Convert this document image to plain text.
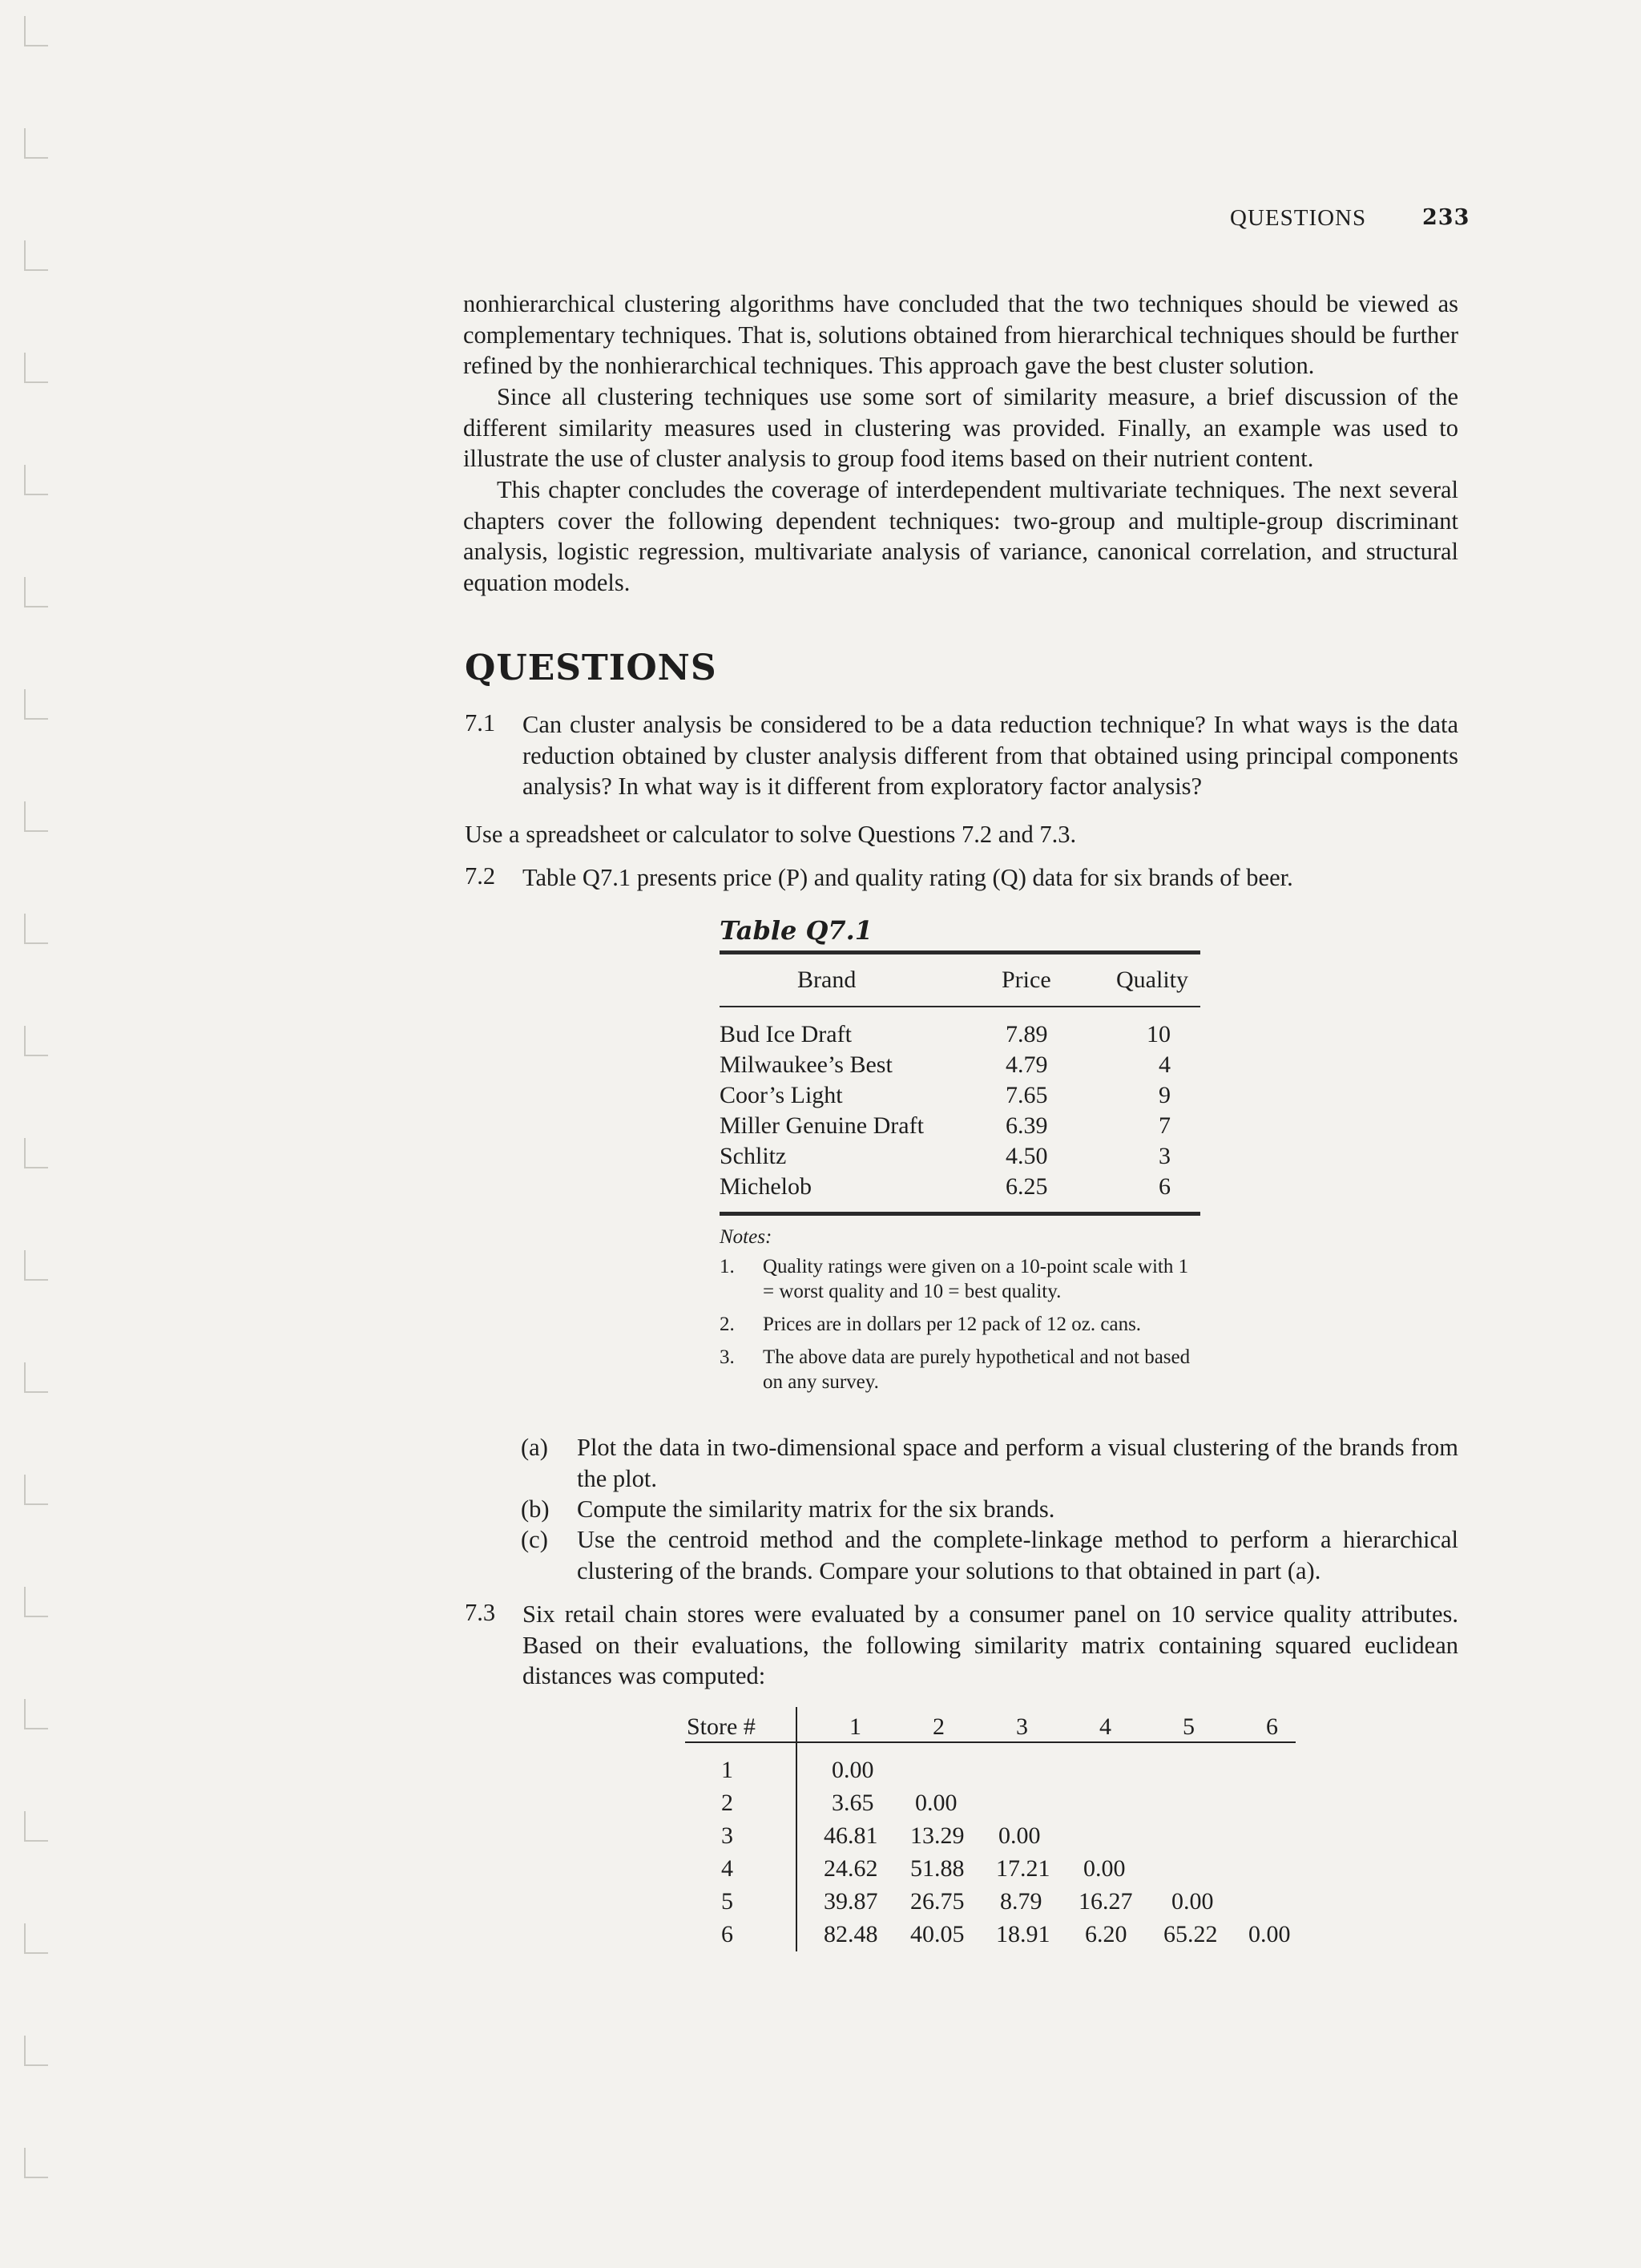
QUESTIONS	233

nonhierarchical clustering algorithms have concluded that the two techniques should be viewed as complementary techniques. That is, solutions obtained from hierarchical techniques should be further refined by the nonhierarchical techniques. This approach gave the best cluster solution.

Since all clustering techniques use some sort of similarity measure, a brief discussion of the different similarity measures used in clustering was provided. Finally, an example was used to illustrate the use of cluster analysis to group food items based on their nutrient content.

This chapter concludes the coverage of interdependent multivariate techniques. The next several chapters cover the following dependent techniques: two-group and multiple-group discriminant analysis, logistic regression, multivariate analysis of variance, canonical correlation, and structural equation models.

QUESTIONS
7.1 Can cluster analysis be considered to be a data reduction technique? In what ways is the data reduction obtained by cluster analysis different from that obtained using principal components analysis? In what way is it different from exploratory factor analysis?

Use a spreadsheet or calculator to solve Questions 7.2 and 7.3.

7.2 Table Q7.1 presents price (P) and quality rating (Q) data for six brands of beer.

Table Q7.1
Brand	Price	Quality
Bud Ice Draft	7.89	10
Milwaukee’s Best	4.79	4
Coor’s Light	7.65	9
Miller Genuine Draft	6.39	7
Schlitz	4.50	3
Michelob	6.25	6
Notes:
1. Quality ratings were given on a 10-point scale with 1 = worst quality and 10 = best quality.
2. Prices are in dollars per 12 pack of 12 oz. cans.
3. The above data are purely hypothetical and not based on any survey.
(a) Plot the data in two-dimensional space and perform a visual clustering of the brands from the plot.

(b) Compute the similarity matrix for the six brands.

(c) Use the centroid method and the complete-linkage method to perform a hierarchical clustering of the brands. Compare your solutions to that obtained in part (a).

7.3 Six retail chain stores were evaluated by a consumer panel on 10 service quality attributes. Based on their evaluations, the following similarity matrix containing squared euclidean distances was computed:

Store #	1	2	3	4	5	6
1	0.00
2	3.65 0.00
3	46.81 13.29 0.00
4	24.62 51.88 17.21 0.00
5	39.87 26.75 8.79 16.27 0.00
6	82.48 40.05 18.91 6.20 65.22 0.00
